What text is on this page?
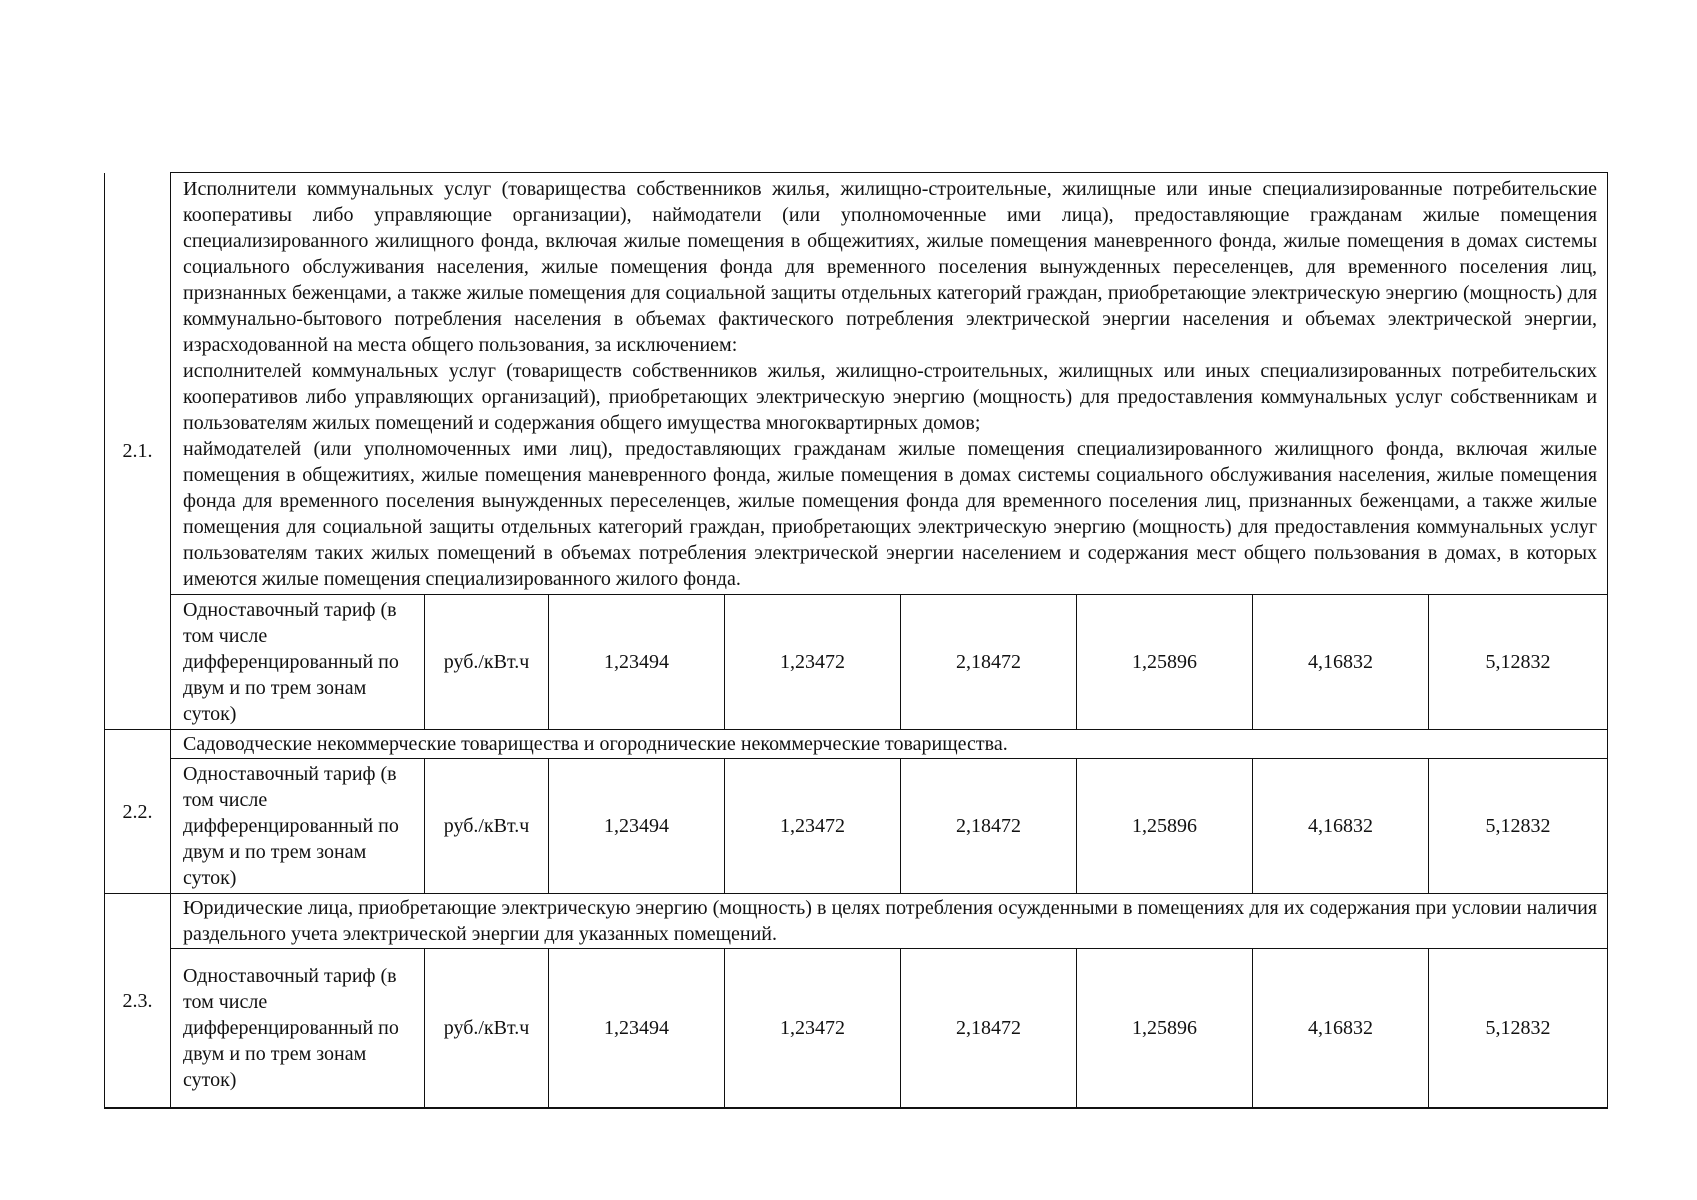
2.1.	Исполнители коммунальных услуг (товарищества собственников жилья, жилищно-строительные, жилищные или иные специализированные потребительские кооперативы либо управляющие организации), наймодатели (или уполномоченные ими лица), предоставляющие гражданам жилые помещения специализированного жилищного фонда, включая жилые помещения в общежитиях, жилые помещения маневренного фонда, жилые помещения в домах системы социального обслуживания населения, жилые помещения фонда для временного поселения вынужденных переселенцев, для временного поселения лиц, признанных беженцами, а также жилые помещения для социальной защиты отдельных категорий граждан, приобретающие электрическую энергию (мощность) для коммунально-бытового потребления населения в объемах фактического потребления электрической энергии населения и объемах электрической энергии, израсходованной на места общего пользования, за исключением:
исполнителей коммунальных услуг (товариществ собственников жилья, жилищно-строительных, жилищных или иных специализированных потребительских кооперативов либо управляющих организаций), приобретающих электрическую энергию (мощность) для предоставления коммунальных услуг собственникам и пользователям жилых помещений и содержания общего имущества многоквартирных домов;
наймодателей (или уполномоченных ими лиц), предоставляющих гражданам жилые помещения специализированного жилищного фонда, включая жилые помещения в общежитиях, жилые помещения маневренного фонда, жилые помещения в домах системы социального обслуживания населения, жилые помещения фонда для временного поселения вынужденных переселенцев, жилые помещения фонда для временного поселения лиц, признанных беженцами, а также жилые помещения для социальной защиты отдельных категорий граждан, приобретающих электрическую энергию (мощность) для предоставления коммунальных услуг пользователям таких жилых помещений в объемах потребления электрической энергии населением и содержания мест общего пользования в домах, в которых имеются жилые помещения специализированного жилого фонда.							

	Одноставочный тариф (в том числе дифференцированный по двум и по трем зонам суток)	руб./кВт.ч	1,23494	1,23472	2,18472	1,25896	4,16832	5,12832
2.2.	Садоводческие некоммерческие товарищества и огороднические некоммерческие товарищества.							

	Одноставочный тариф (в том числе дифференцированный по двум и по трем зонам суток)	руб./кВт.ч	1,23494	1,23472	2,18472	1,25896	4,16832	5,12832
2.3.	Юридические лица, приобретающие электрическую энергию (мощность) в целях потребления осужденными в помещениях для их содержания при условии наличия раздельного учета электрической энергии для указанных помещений.							

	Одноставочный тариф (в том числе дифференцированный по двум и по трем зонам суток)	руб./кВт.ч	1,23494	1,23472	2,18472	1,25896	4,16832	5,12832
